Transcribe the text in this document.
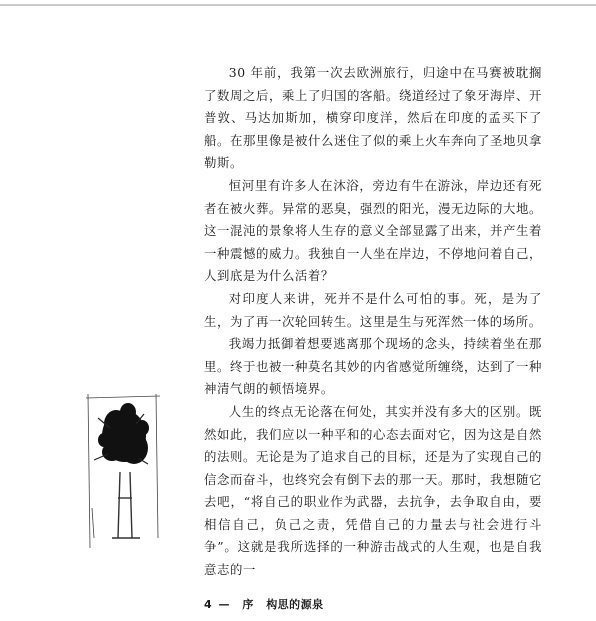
30 年前，我第一次去欧洲旅行，归途中在马赛被耽搁了数周之后，乘上了归国的客船。绕道经过了象牙海岸、开普敦、马达加斯加，横穿印度洋，然后在印度的孟买下了船。在那里像是被什么迷住了似的乘上火车奔向了圣地贝拿勒斯。

恒河里有许多人在沐浴，旁边有牛在游泳，岸边还有死者在被火葬。异常的恶臭，强烈的阳光，漫无边际的大地。这一混沌的景象将人生存的意义全部显露了出来，并产生着一种震憾的威力。我独自一人坐在岸边，不停地问着自己，人到底是为什么活着？

对印度人来讲，死并不是什么可怕的事。死，是为了生，为了再一次轮回转生。这里是生与死浑然一体的场所。

我竭力抵御着想要逃离那个现场的念头，持续着坐在那里。终于也被一种莫名其妙的内省感觉所缠绕，达到了一种神清气朗的顿悟境界。

人生的终点无论落在何处，其实并没有多大的区别。既然如此，我们应以一种平和的心态去面对它，因为这是自然的法则。无论是为了追求自己的目标，还是为了实现自己的信念而奋斗，也终究会有倒下去的那一天。那时，我想随它去吧，“将自己的职业作为武器，去抗争，去争取自由，要相信自己，负己之责，凭借自己的力量去与社会进行斗争”。这就是我所选择的一种游击战式的人生观，也是自我意志的一

4 — 序 构思的源泉
